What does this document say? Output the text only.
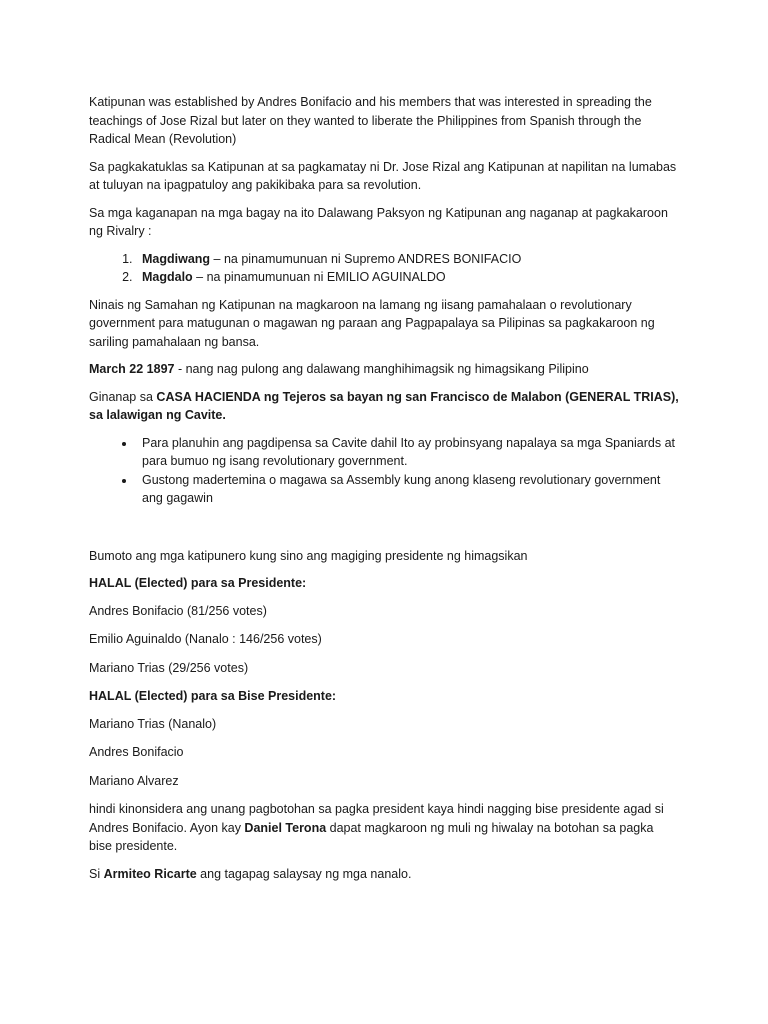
Katipunan was established by Andres Bonifacio and his members that was interested in spreading the teachings of Jose Rizal but later on they wanted to liberate the Philippines from Spanish through the Radical Mean (Revolution)

Sa pagkakatuklas sa Katipunan at sa pagkamatay ni Dr. Jose Rizal ang Katipunan at napilitan na lumabas at tuluyan na ipagpatuloy ang pakikibaka para sa revolution.

Sa mga kaganapan na mga bagay na ito Dalawang Paksyon ng Katipunan ang naganap at pagkakaroon ng Rivalry :

1. Magdiwang – na pinamumunuan ni Supremo ANDRES BONIFACIO
2. Magdalo – na pinamumunuan ni EMILIO AGUINALDO

Ninais ng Samahan ng Katipunan na magkaroon na lamang ng iisang pamahalaan o revolutionary government para matugunan o magawan ng paraan ang Pagpapalaya sa Pilipinas sa pagkakaroon ng sariling pamahalaan ng bansa.

March 22 1897 - nang nag pulong ang dalawang manghihimagsik ng himagsikang Pilipino

Ginanap sa CASA HACIENDA ng Tejeros sa bayan ng san Francisco de Malabon (GENERAL TRIAS), sa lalawigan ng Cavite.

• Para planuhin ang pagdipensa sa Cavite dahil Ito ay probinsyang napalaya sa mga Spaniards at para bumuo ng isang revolutionary government.
• Gustong madertemina o magawa sa Assembly kung anong klaseng revolutionary government ang gagawin

Bumoto ang mga katipunero kung sino ang magiging presidente ng himagsikan

HALAL (Elected) para sa Presidente:

Andres Bonifacio (81/256 votes)

Emilio Aguinaldo (Nanalo : 146/256 votes)

Mariano Trias (29/256 votes)

HALAL (Elected) para sa Bise Presidente:

Mariano Trias (Nanalo)

Andres Bonifacio

Mariano Alvarez

hindi kinonsidera ang unang pagbotohan sa pagka president kaya hindi nagging bise presidente agad si Andres Bonifacio. Ayon kay Daniel Terona dapat magkaroon ng muli ng hiwalay na botohan sa pagka bise presidente.

Si Armiteo Ricarte ang tagapag salaysay ng mga nanalo.
